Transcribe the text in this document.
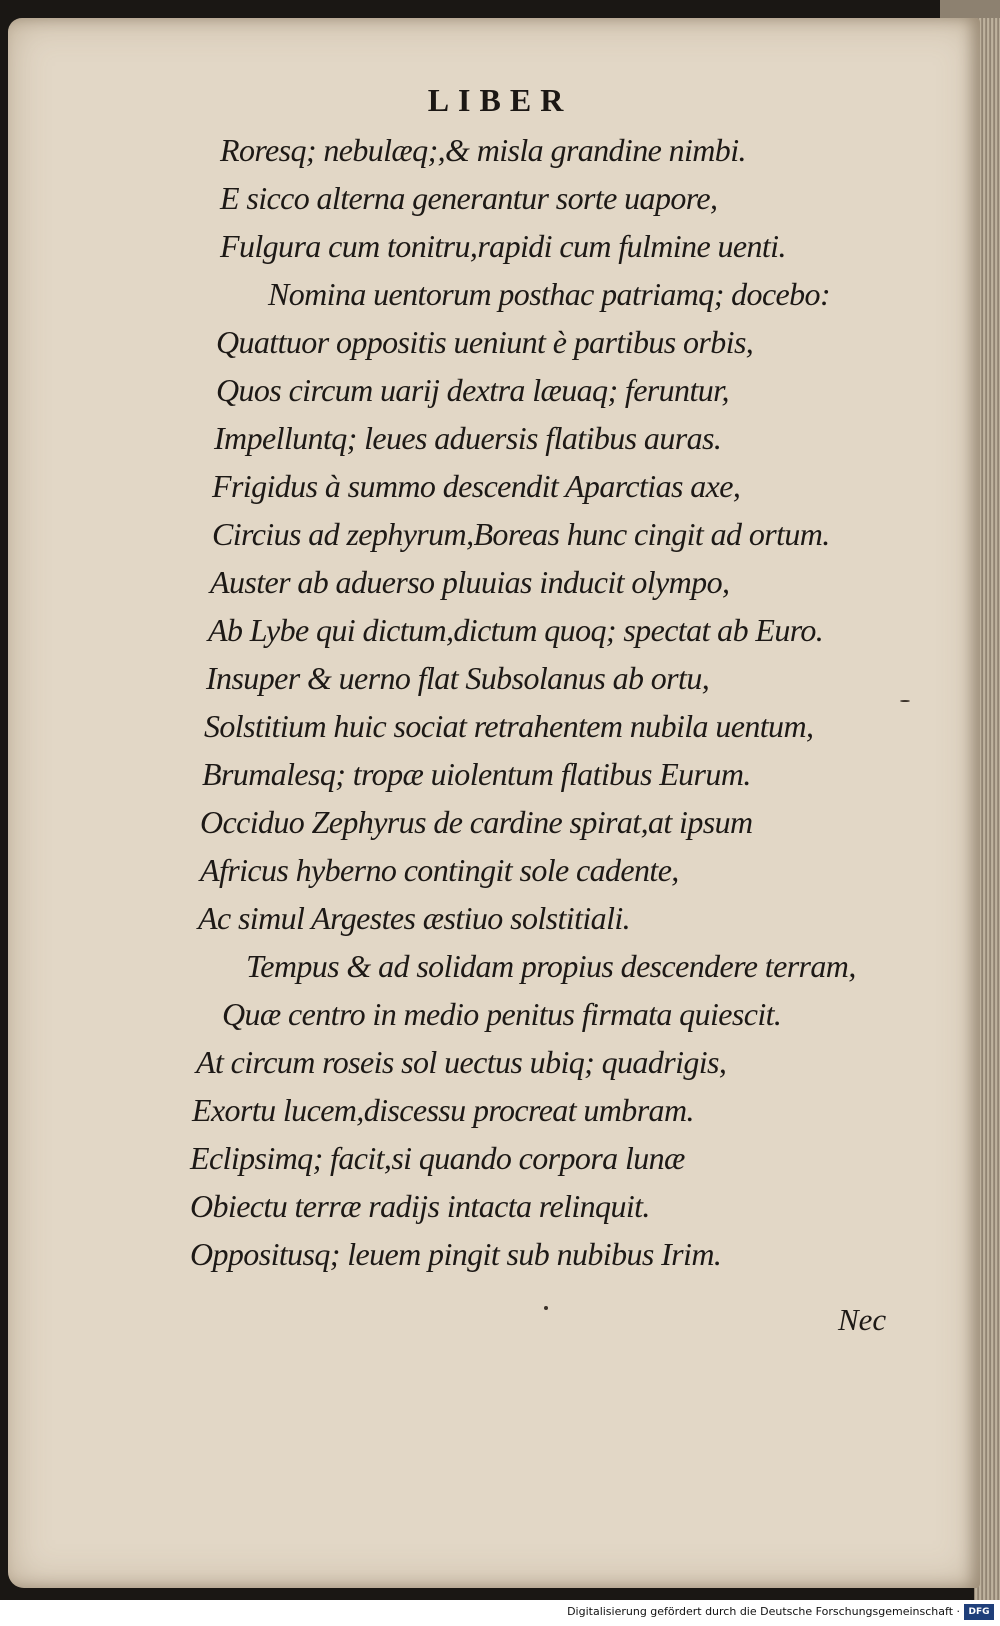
LIBER
Roresq; nebulæq;,& misla grandine nimbi.
E sicco alterna generantur sorte uapore,
Fulgura cum tonitru,rapidi cum fulmine uenti.
Nomina uentorum posthac patriamq; docebo:
Quattuor oppositis ueniunt è partibus orbis,
Quos circum uarij dextra læuaq; feruntur,
Impelluntq; leues aduersis flatibus auras.
Frigidus à summo descendit Aparctias axe,
Circius ad zephyrum,Boreas hunc cingit ad ortum.
Auster ab aduerso pluuias inducit olympo,
Ab Lybe qui dictum,dictum quoq; spectat ab Euro.
Insuper & uerno flat Subsolanus ab ortu,
Solstitium huic sociat retrahentem nubila uentum,
Brumalesq; tropæ uiolentum flatibus Eurum.
Occiduo Zephyrus de cardine spirat,at ipsum
Africus hyberno contingit sole cadente,
Ac simul Argestes æstiuo solstitiali.
Tempus & ad solidam propius descendere terram,
Quæ centro in medio penitus firmata quiescit.
At circum roseis sol uectus ubiq; quadrigis,
Exortu lucem,discessu procreat umbram.
Eclipsimq; facit,si quando corpora lunæ
Obiectu terræ radijs intacta relinquit.
Oppositusq; leuem pingit sub nubibus Irim.
Nec
Digitalisierung gefördert durch die Deutsche Forschungsgemeinschaft · DFG
